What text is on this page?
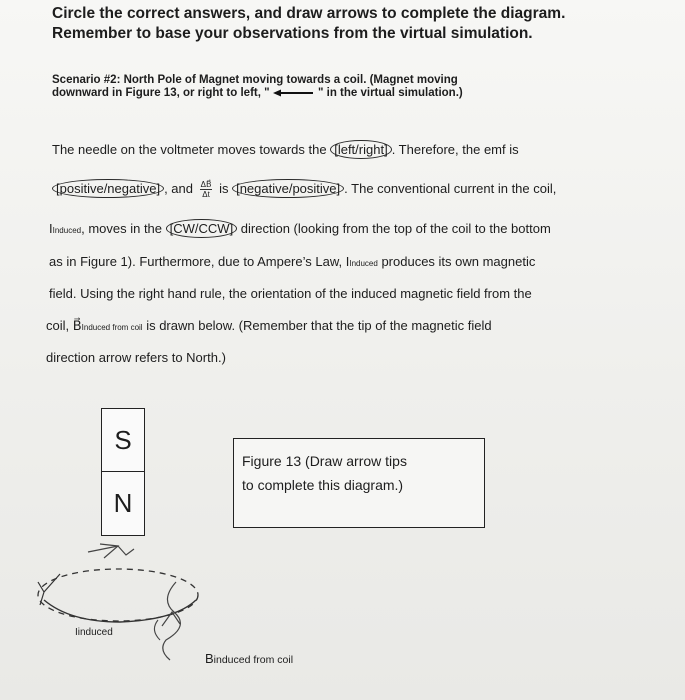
Circle the correct answers, and draw arrows to complete the diagram. Remember to base your observations from the virtual simulation.
Scenario #2: North Pole of Magnet moving towards a coil. (Magnet moving
downward in Figure 13, or right to left, "	" in the virtual simulation.)
The needle on the voltmeter moves towards the [left/right] . Therefore, the emf is
[positive/negative] , and $\frac{\Delta B⃗}{\Delta t}$ is [negative/positive] . The conventional current in the coil,
IInduced, moves in the [CW/CCW] direction (looking from the top of the coil to the bottom
as in Figure 1). Furthermore, due to Ampere’s Law, IInduced produces its own magnetic
field. Using the right hand rule, the orientation of the induced magnetic field from the
coil, B⃗Induced from coil is drawn below. (Remember that the tip of the magnetic field
direction arrow refers to North.)
S
N
Figure 13 (Draw arrow tips to complete this diagram.)
Iinduced
Binduced from coil
